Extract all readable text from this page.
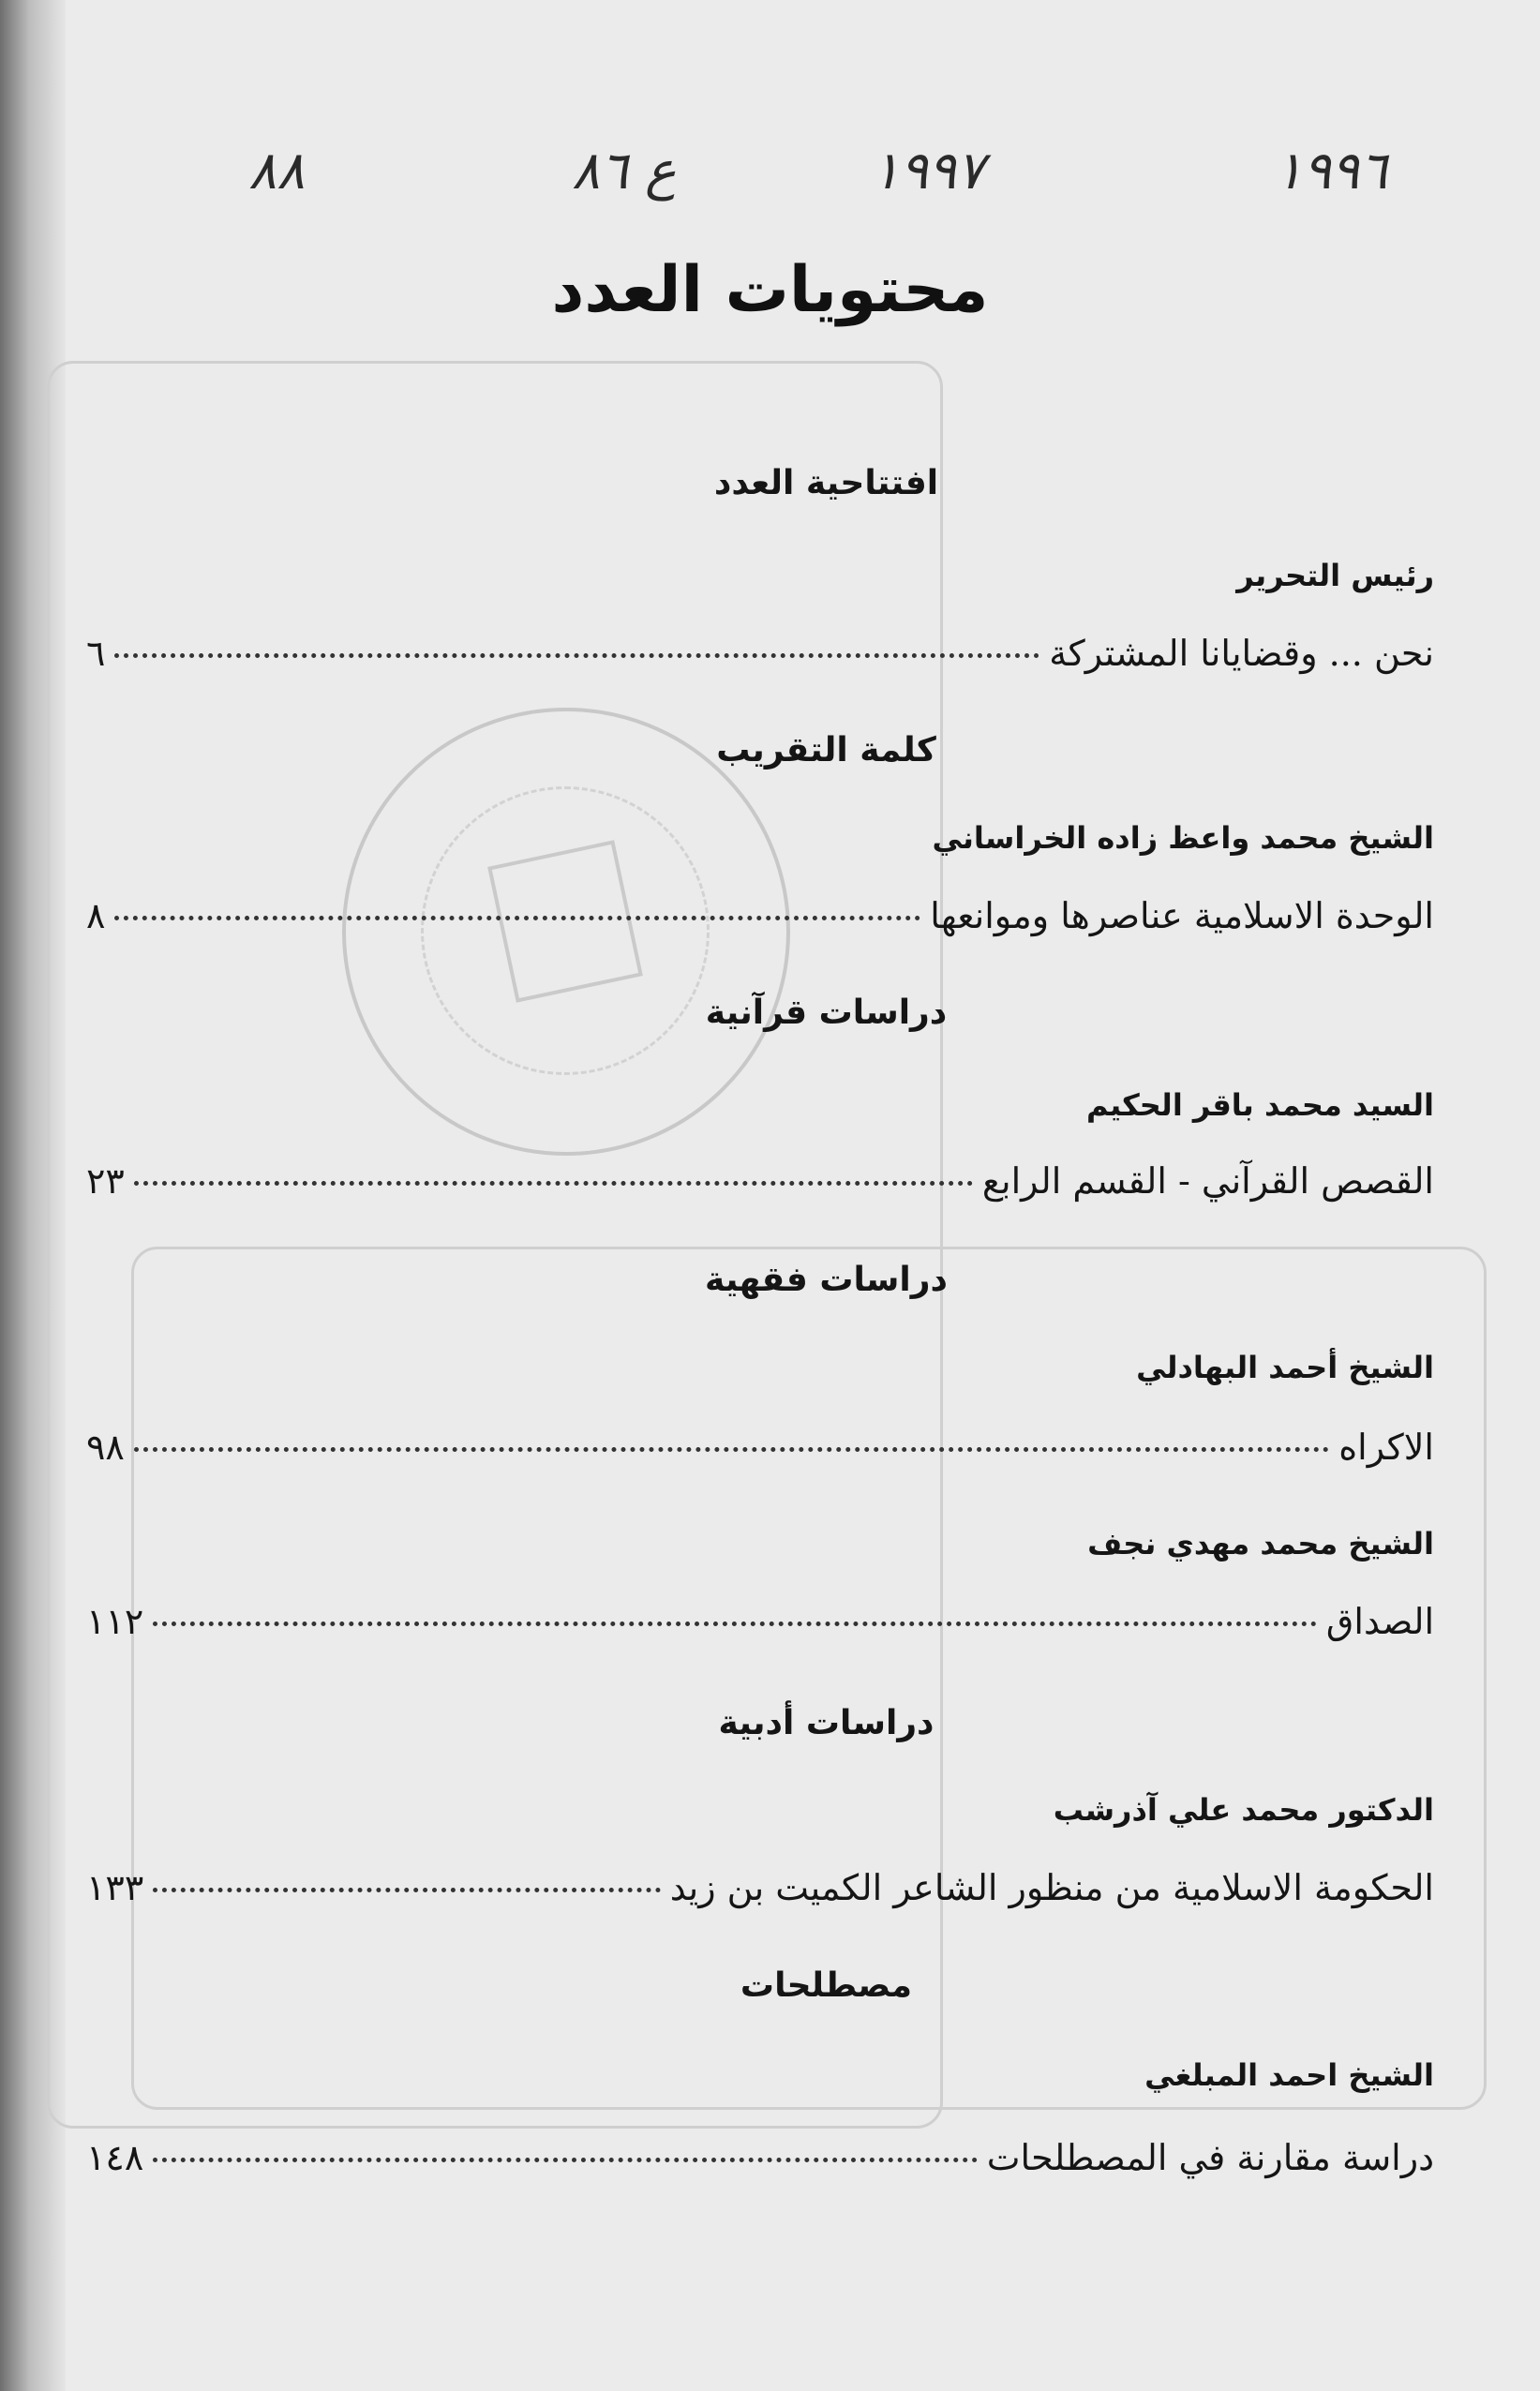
١٩٩٦
١٩٩٧
ع ٨٦
٨٨
محتويات العدد
افتتاحية العدد
رئيس التحرير
نحن ... وقضايانا المشتركة
٦
كلمة التقريب
الشيخ محمد واعظ زاده الخراساني
الوحدة الاسلامية عناصرها وموانعها
٨
دراسات قرآنية
السيد محمد باقر الحكيم
القصص القرآني - القسم الرابع
٢٣
دراسات فقهية
الشيخ أحمد البهادلي
الاكراه
٩٨
الشيخ محمد مهدي نجف
الصداق
١١٢
دراسات أدبية
الدكتور محمد علي آذرشب
الحكومة الاسلامية من منظور الشاعر الكميت بن زيد
١٣٣
مصطلحات
الشيخ احمد المبلغي
دراسة مقارنة في المصطلحات
١٤٨
